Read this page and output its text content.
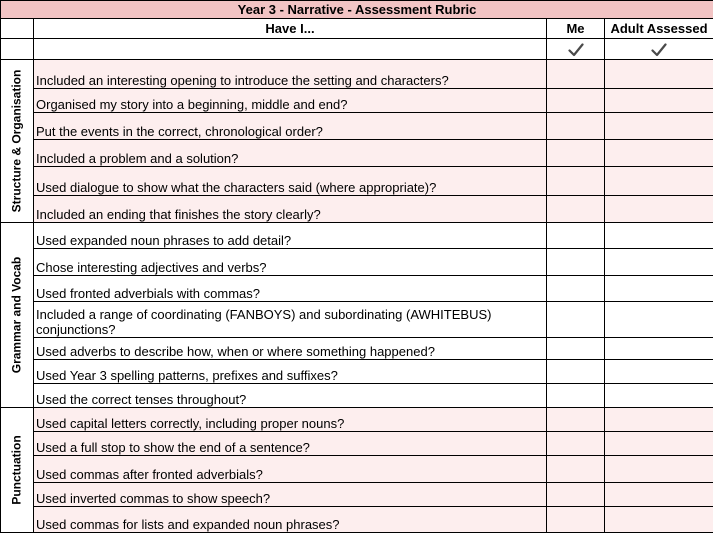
Year 3 - Narrative - Assessment Rubric			
	Have I...	Me	Adult Assessed

Structure & Organisation	Included an interesting opening to introduce the setting and characters?		
	Organised my story into a beginning, middle and end?		
	Put the events in the correct, chronological order?		
	Included a problem and a solution?		
	Used dialogue to show what the characters said (where appropriate)?		
	Included an ending that finishes the story clearly?		

Grammar and Vocab	Used expanded noun phrases to add detail?		
	Chose interesting adjectives and verbs?		
	Used fronted adverbials with commas?		
	Included a range of coordinating (FANBOYS) and subordinating (AWHITEBUS) conjunctions?		
	Used adverbs to describe how, when or where something happened?		
	Used Year 3 spelling patterns, prefixes and suffixes?		
	Used the correct tenses throughout?		

Punctuation	Used capital letters correctly, including proper nouns?		
	Used a full stop to show the end of a sentence?		
	Used commas after fronted adverbials?		
	Used inverted commas to show speech?		
	Used commas for lists and expanded noun phrases?		
